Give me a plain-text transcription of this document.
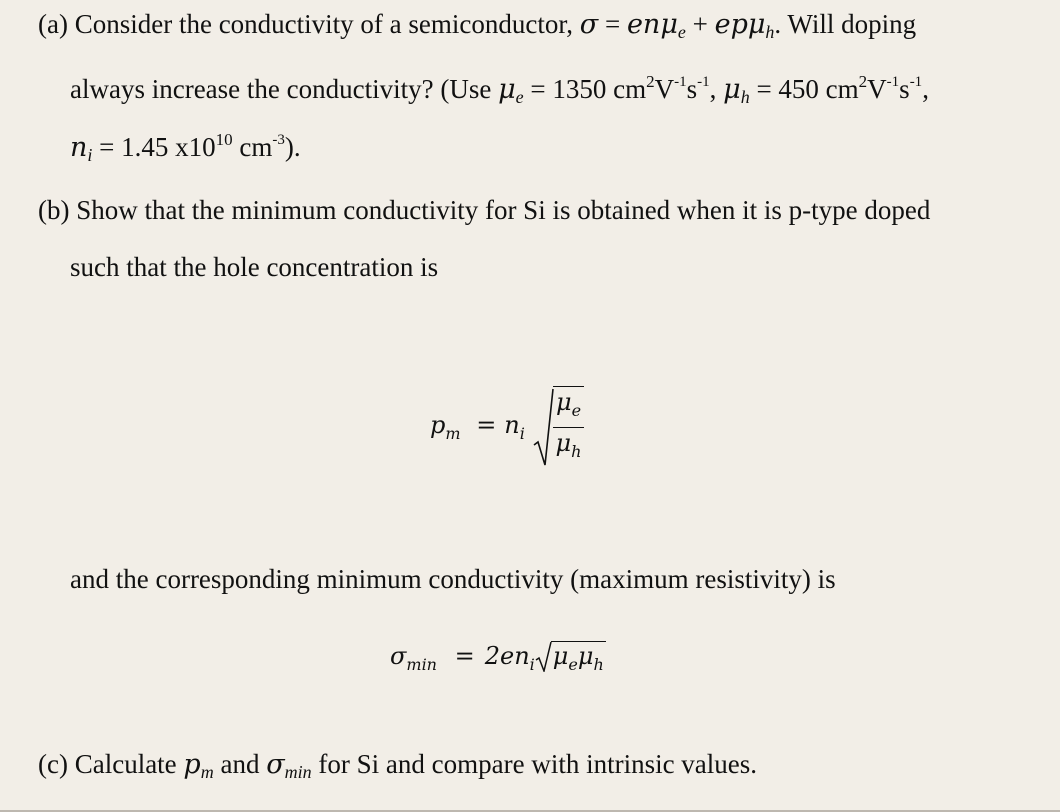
(a) Consider the conductivity of a semiconductor, σ = enμ$_e$ + epμ$_h$. Will doping
always increase the conductivity? (Use $\mu_e = 1350$ $cm^2V^{-1}s^{-1}$, $\mu_h = 450$ $cm^2V^{-1}s^{-1}$,
$n_i = 1.45$ $x10^{10}$ $cm^{-3}$).
(b) Show that the minimum conductivity for Si is obtained when it is p-type doped
such that the hole concentration is
$p_m = n_i \frac{\mu_e}{\mu_h}$
and the corresponding minimum conductivity (maximum resistivity) is
$\sigma_{min} = 2en_i$ $\mu_e\mu_h$
(c) Calculate $p_m$ and $\sigma_{min}$ for Si and compare with intrinsic values.
